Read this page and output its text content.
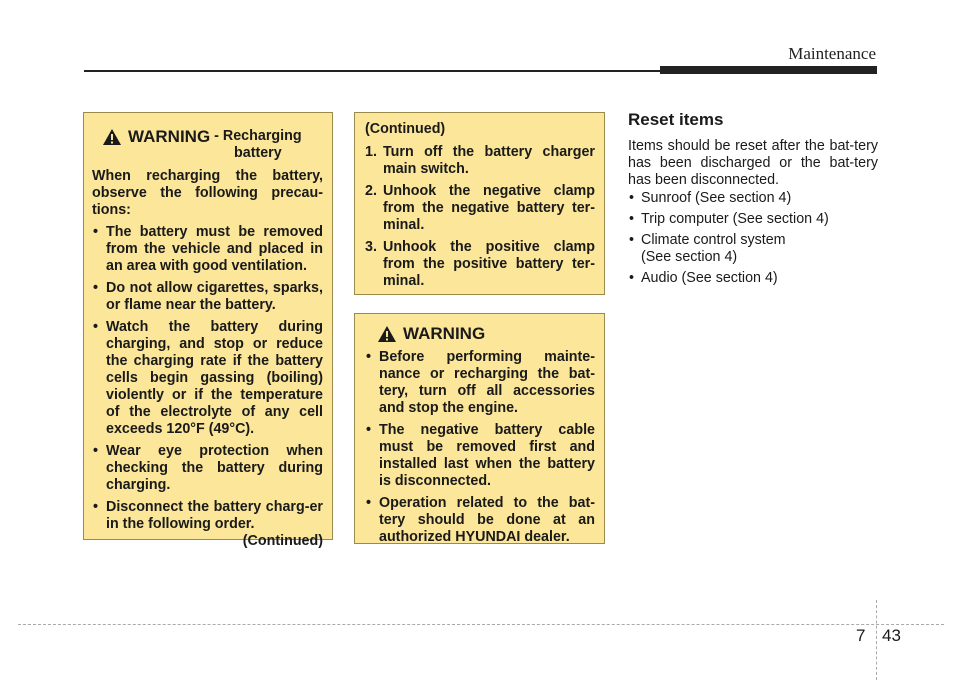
Maintenance
WARNING - Recharging
battery

When recharging the battery, observe the following precau-tions:

• The battery must be removed from the vehicle and placed in an area with good ventilation.
• Do not allow cigarettes, sparks, or flame near the battery.
• Watch the battery during charging, and stop or reduce the charging rate if the battery cells begin gassing (boiling) violently or if the temperature of the electrolyte of any cell exceeds 120°F (49°C).
• Wear eye protection when checking the battery during charging.
• Disconnect the battery charg-er in the following order.

(Continued)

(Continued)

1. Turn off the battery charger main switch.
2. Unhook the negative clamp from the negative battery ter-minal.
3. Unhook the positive clamp from the positive battery ter-minal.
WARNING
• Before performing mainte-nance or recharging the bat-tery, turn off all accessories and stop the engine.
• The negative battery cable must be removed first and installed last when the battery is disconnected.
• Operation related to the bat-tery should be done at an authorized HYUNDAI dealer.
Reset items

Items should be reset after the bat-tery has been discharged or the bat-tery has been disconnected.

• Sunroof (See section 4)
• Trip computer (See section 4)
• Climate control system (See section 4)
• Audio (See section 4)
7 43
